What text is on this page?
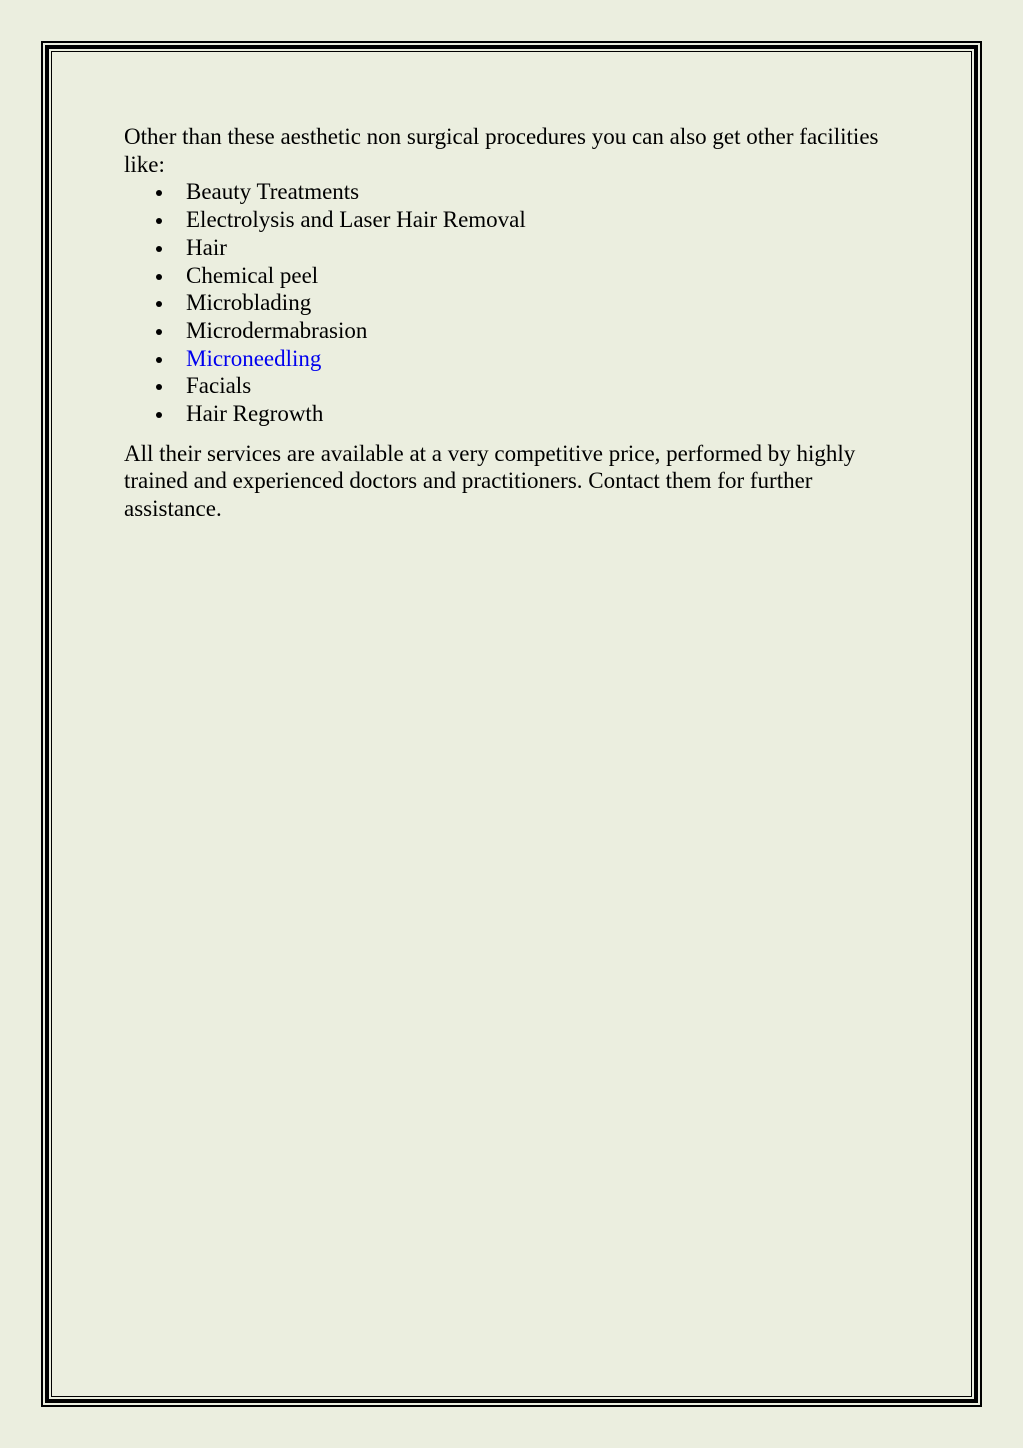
Other than these aesthetic non surgical procedures you can also get other facilities like:

Beauty Treatments
Electrolysis and Laser Hair Removal
Hair
Chemical peel
Microblading
Microdermabrasion
Microneedling
Facials
Hair Regrowth

All their services are available at a very competitive price, performed by highly trained and experienced doctors and practitioners. Contact them for further assistance.
